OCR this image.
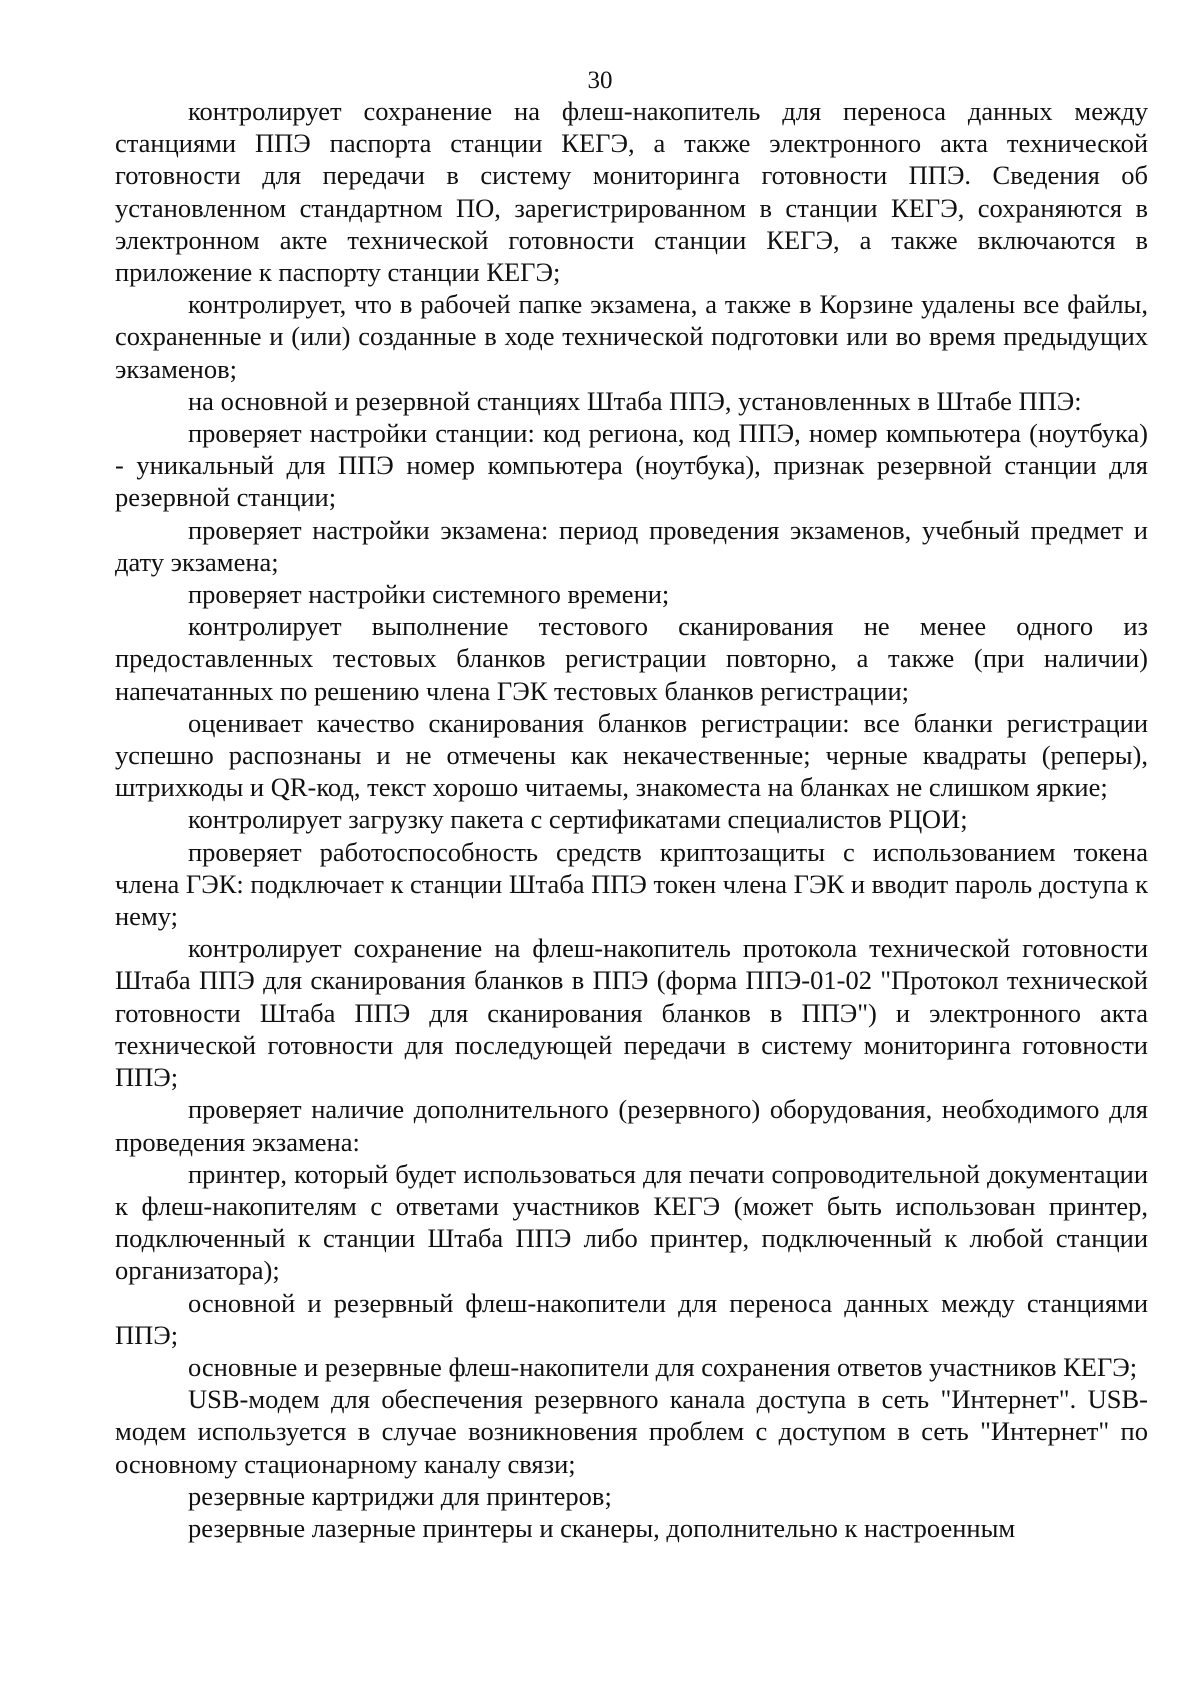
30

контролирует сохранение на флеш-накопитель для переноса данных между станциями ППЭ паспорта станции КЕГЭ, а также электронного акта технической готовности для передачи в систему мониторинга готовности ППЭ. Сведения об установленном стандартном ПО, зарегистрированном в станции КЕГЭ, сохраняются в электронном акте технической готовности станции КЕГЭ, а также включаются в приложение к паспорту станции КЕГЭ;

контролирует, что в рабочей папке экзамена, а также в Корзине удалены все файлы, сохраненные и (или) созданные в ходе технической подготовки или во время предыдущих экзаменов;

на основной и резервной станциях Штаба ППЭ, установленных в Штабе ППЭ:

проверяет настройки станции: код региона, код ППЭ, номер компьютера (ноутбука) - уникальный для ППЭ номер компьютера (ноутбука), признак резервной станции для резервной станции;

проверяет настройки экзамена: период проведения экзаменов, учебный предмет и дату экзамена;

проверяет настройки системного времени;

контролирует выполнение тестового сканирования не менее одного из предоставленных тестовых бланков регистрации повторно, а также (при наличии) напечатанных по решению члена ГЭК тестовых бланков регистрации;

оценивает качество сканирования бланков регистрации: все бланки регистрации успешно распознаны и не отмечены как некачественные; черные квадраты (реперы), штрихкоды и QR-код, текст хорошо читаемы, знакоместа на бланках не слишком яркие;

контролирует загрузку пакета с сертификатами специалистов РЦОИ;

проверяет работоспособность средств криптозащиты с использованием токена члена ГЭК: подключает к станции Штаба ППЭ токен члена ГЭК и вводит пароль доступа к нему;

контролирует сохранение на флеш-накопитель протокола технической готовности Штаба ППЭ для сканирования бланков в ППЭ (форма ППЭ-01-02 "Протокол технической готовности Штаба ППЭ для сканирования бланков в ППЭ") и электронного акта технической готовности для последующей передачи в систему мониторинга готовности ППЭ;

проверяет наличие дополнительного (резервного) оборудования, необходимого для проведения экзамена:

принтер, который будет использоваться для печати сопроводительной документации к флеш-накопителям с ответами участников КЕГЭ (может быть использован принтер, подключенный к станции Штаба ППЭ либо принтер, подключенный к любой станции организатора);

основной и резервный флеш-накопители для переноса данных между станциями ППЭ;

основные и резервные флеш-накопители для сохранения ответов участников КЕГЭ;

USB-модем для обеспечения резервного канала доступа в сеть "Интернет". USB-модем используется в случае возникновения проблем с доступом в сеть "Интернет" по основному стационарному каналу связи;

резервные картриджи для принтеров;

резервные лазерные принтеры и сканеры, дополнительно к настроенным
